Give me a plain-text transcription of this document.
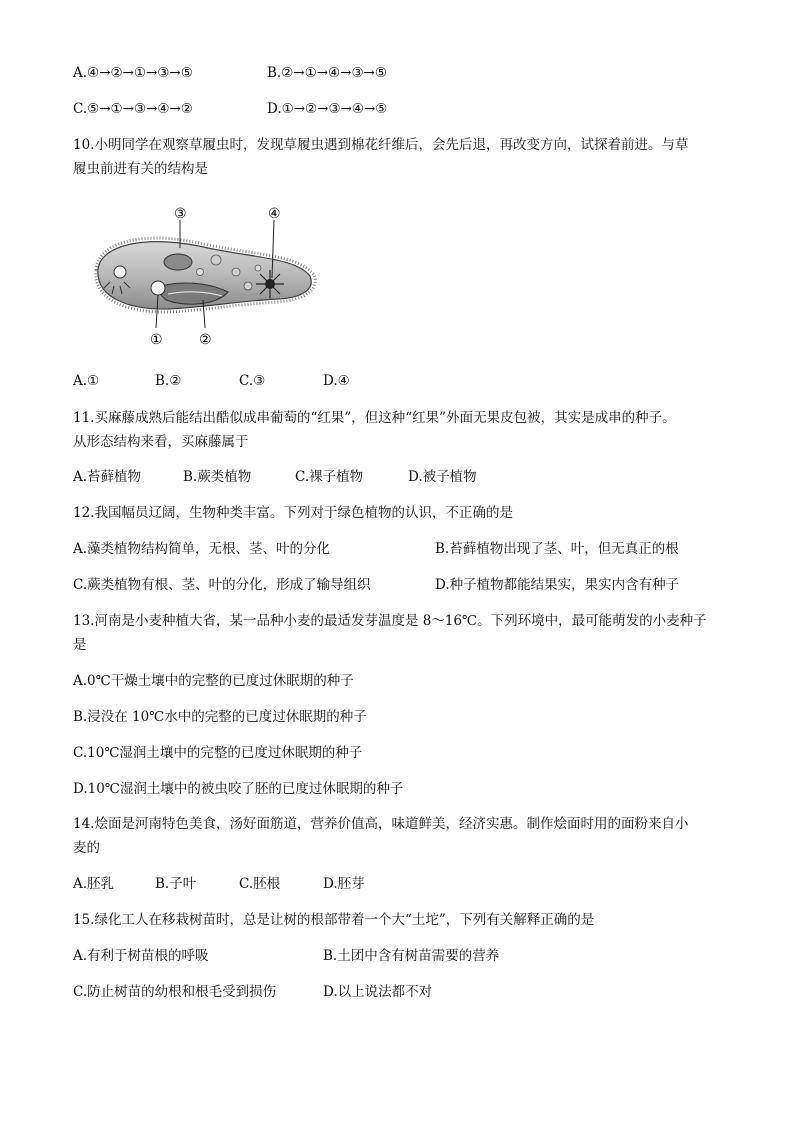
A.④→②→①→③→⑤	B.②→①→④→③→⑤
C.⑤→①→③→④→②	D.①→②→③→④→⑤
10.小明同学在观察草履虫时，发现草履虫遇到棉花纤维后，会先后退，再改变方向，试探着前进。与草
履虫前进有关的结构是
③	④
①	②
A.①	B.②	C.③	D.④
11.买麻藤成熟后能结出酷似成串葡萄的“红果”，但这种“红果”外面无果皮包被，其实是成串的种子。
从形态结构来看，买麻藤属于
A.苔藓植物	B.蕨类植物	C.裸子植物	D.被子植物
12.我国幅员辽阔，生物种类丰富。下列对于绿色植物的认识，不正确的是
A.藻类植物结构简单，无根、茎、叶的分化	B.苔藓植物出现了茎、叶，但无真正的根
C.蕨类植物有根、茎、叶的分化，形成了输导组织	D.种子植物都能结果实，果实内含有种子
13.河南是小麦种植大省，某一品种小麦的最适发芽温度是 8～16℃。下列环境中，最可能萌发的小麦种子
是
A.0℃干燥土壤中的完整的已度过休眠期的种子
B.浸没在 10℃水中的完整的已度过休眠期的种子
C.10℃湿润土壤中的完整的已度过休眠期的种子
D.10℃湿润土壤中的被虫咬了胚的已度过休眠期的种子
14.烩面是河南特色美食，汤好面筋道，营养价值高，味道鲜美，经济实惠。制作烩面时用的面粉来自小
麦的
A.胚乳	B.子叶	C.胚根	D.胚芽
15.绿化工人在移栽树苗时，总是让树的根部带着一个大“土坨”，下列有关解释正确的是
A.有利于树苗根的呼吸	B.土团中含有树苗需要的营养
C.防止树苗的幼根和根毛受到损伤	D.以上说法都不对
